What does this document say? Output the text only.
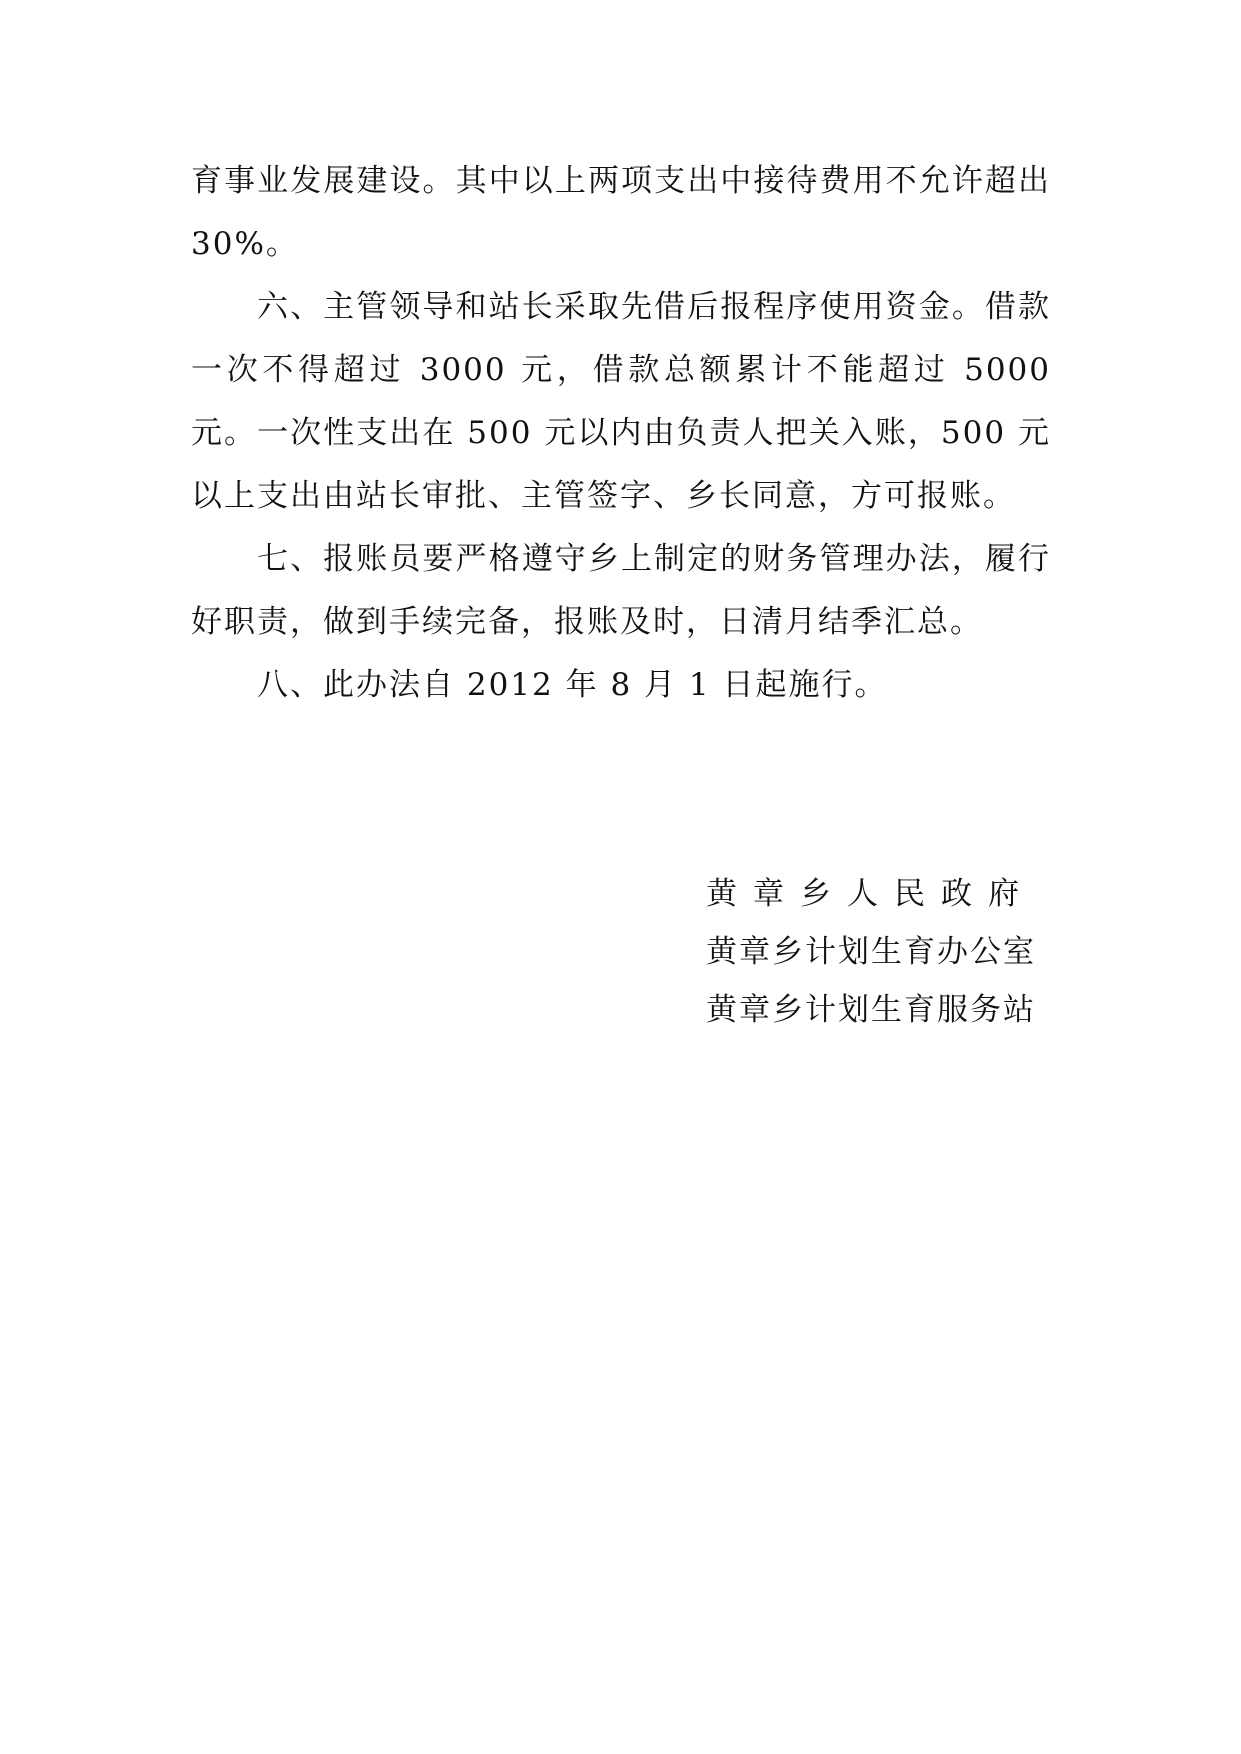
育事业发展建设。其中以上两项支出中接待费用不允许超出30%。

六、主管领导和站长采取先借后报程序使用资金。借款一次不得超过 3000 元，借款总额累计不能超过 5000 元。一次性支出在 500 元以内由负责人把关入账，500 元以上支出由站长审批、主管签字、乡长同意，方可报账。

七、报账员要严格遵守乡上制定的财务管理办法，履行好职责，做到手续完备，报账及时，日清月结季汇总。

八、此办法自 2012 年 8 月 1 日起施行。

黄章乡人民政府
黄章乡计划生育办公室
黄章乡计划生育服务站
